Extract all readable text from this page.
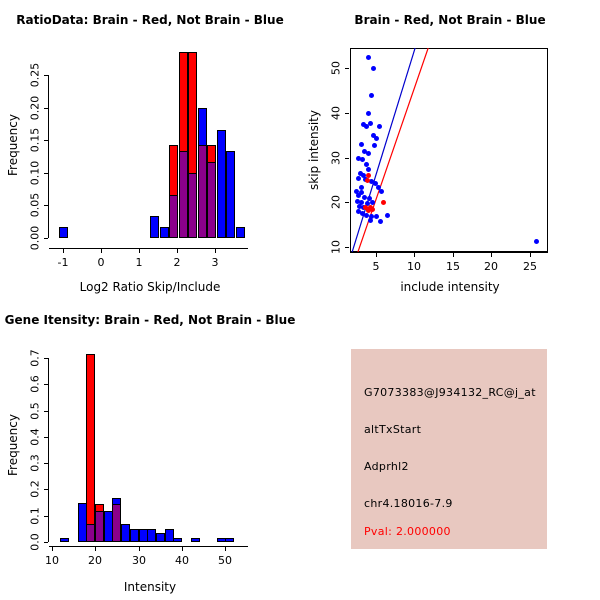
RatioData: Brain - Red, Not Brain - Blue
Frequency
Log2 Ratio Skip/Include
-1	0	1	2	3
0.00
0.05
0.10
0.15
0.20
0.25
Brain - Red, Not Brain - Blue
skip intensity
include intensity
5	10 15 20 25
10
20
30
40
50
Gene Itensity: Brain - Red, Not Brain - Blue
Frequency
Intensity
10	20	30	40	50
0.0
0.1
0.2
0.3
0.4
0.5
0.6
0.7
G7073383@J934132_RC@j_at
altTxStart
Adprhl2
chr4.18016-7.9
Pval: 2.000000
